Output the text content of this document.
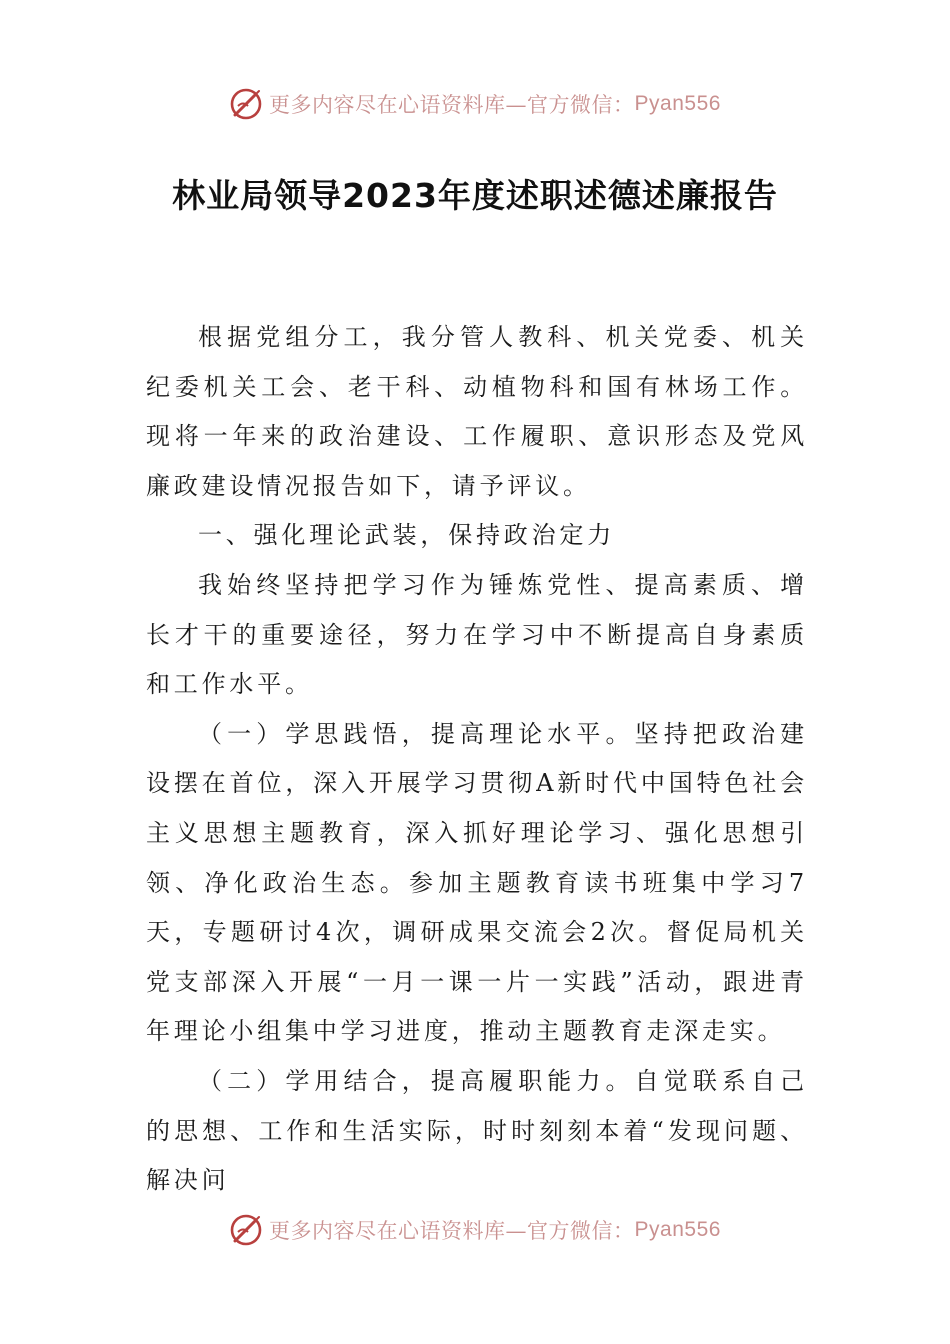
更多内容尽在心语资料库—官方微信： Pyan556
林业局领导2023年度述职述德述廉报告

根据党组分工，我分管人教科、机关党委、机关纪委机关工会、老干科、动植物科和国有林场工作。现将一年来的政治建设、工作履职、意识形态及党风廉政建设情况报告如下，请予评议。

一、强化理论武装，保持政治定力

我始终坚持把学习作为锤炼党性、提高素质、增长才干的重要途径，努力在学习中不断提高自身素质和工作水平。

（一）学思践悟，提高理论水平。坚持把政治建设摆在首位，深入开展学习贯彻A新时代中国特色社会主义思想主题教育，深入抓好理论学习、强化思想引领、净化政治生态。参加主题教育读书班集中学习7天，专题研讨4次，调研成果交流会2次。督促局机关党支部深入开展“一月一课一片一实践”活动，跟进青年理论小组集中学习进度，推动主题教育走深走实。

（二）学用结合，提高履职能力。自觉联系自己的思想、工作和生活实际，时时刻刻本着“发现问题、解决问

更多内容尽在心语资料库—官方微信： Pyan556
